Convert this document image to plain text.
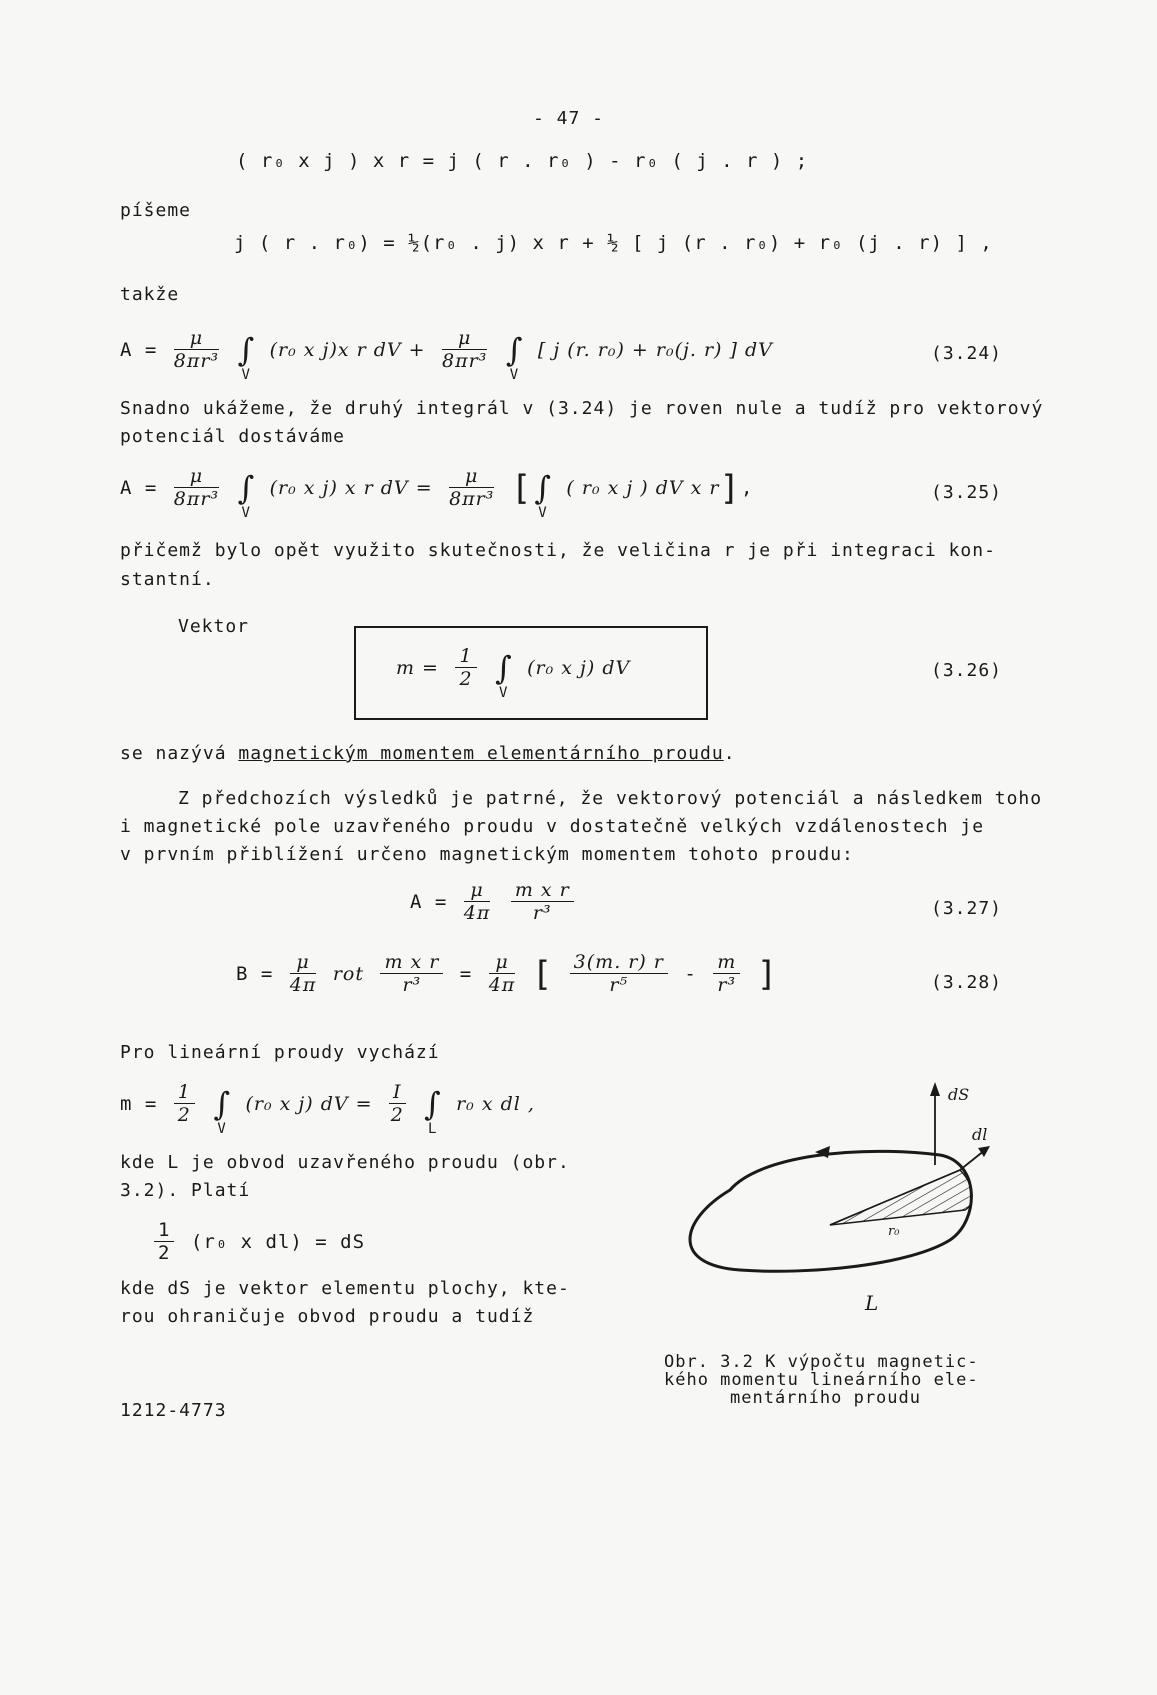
- 47 -
( r₀ x j ) x r = j ( r . r₀ ) - r₀ ( j . r ) ;
píšeme
j ( r . r₀) = ½(r₀ . j) x r + ½ [ j (r . r₀) + r₀ (j . r) ] ,
takže
$A = \frac{\mu}{\text{8πr³}}$ ∫
V
(r₀ x j)x r dV + $\frac{\mu}{\text{8πr³}}$ ∫
V
[ j (r. r₀) + r₀(j. r) ] dV	(3.24)
Snadno ukážeme, že druhý integrál v (3.24) je roven nule a tudíž pro vektorový
potenciál dostáváme
$A = \frac{\mu}{\text{8πr³}}$ ∫
V
(r₀ x j) x r dV = $\frac{\mu}{\text{8πr³}}$ [∫
V
( r₀ x j ) dV x r],	(3.25)
přičemž bylo opět využito skutečnosti, že veličina r je při integraci kon-
stantní.
Vektor
$m = \frac{1}{2}$ ∫
V
(r₀ x j) dV	(3.26)
se nazývá magnetickým momentem elementárního proudu.
Z předchozích výsledků je patrné, že vektorový potenciál a následkem toho
i magnetické pole uzavřeného proudu v dostatečně velkých vzdálenostech je
v prvním přiblížení určeno magnetickým momentem tohoto proudu:
$A = \frac{\mu}{4\pi}$
$\frac{\text{m x r}}{\text{r³}}$	(3.27)
$B = \frac{\mu}{4\pi}$ rot $\frac{\text{m x r}}{\text{r³}} = \frac{\mu}{4\pi}$ [ $\frac{3(m. r) r}{\text{r⁵}} - \frac{m}{\text{r³}}$ ]	(3.28)
Pro lineární proudy vychází
$m = \frac{1}{2}$ ∫
V
(r₀ x j) dV = $\frac{I}{2}$ ∫
L
r₀ x dl ,
kde L je obvod uzavřeného proudu (obr.
3.2). Platí
$\frac{1}{2} (r_0$ x dl) = dS
kde dS je vektor elementu plochy, kte-
rou ohraničuje obvod proudu a tudíž
dS
dl
r₀
L
Obr. 3.2 K výpočtu magnetic-
kého momentu lineárního ele-
mentárního proudu
1212-4773
